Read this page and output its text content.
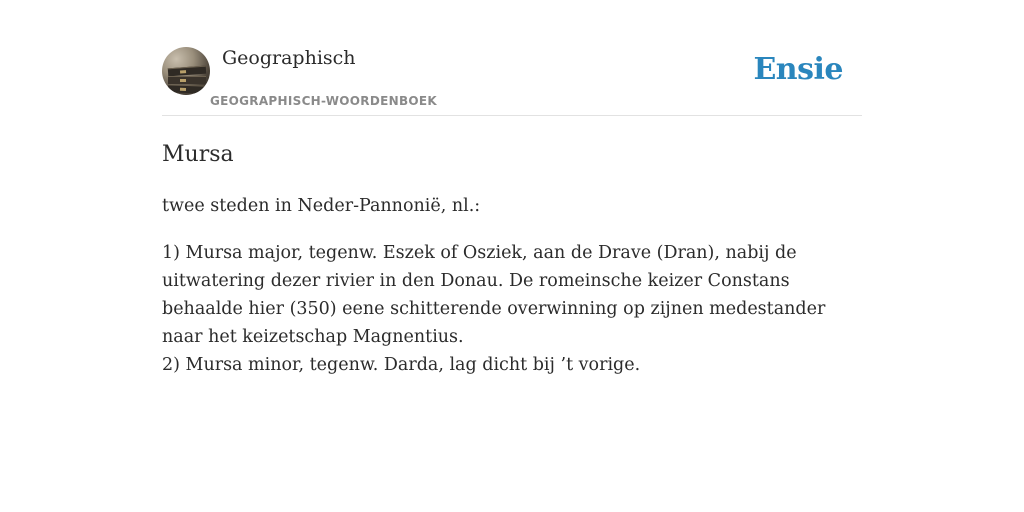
Geographisch
GEOGRAPHISCH-WOORDENBOEK
Ensie
Mursa

twee steden in Neder-Pannonië, nl.:

1) Mursa major, tegenw. Eszek of Osziek, aan de Drave (Dran), nabij de uitwatering dezer rivier in den Donau. De romeinsche keizer Constans behaalde hier (350) eene schitterende overwinning op zijnen medestander naar het keizetschap Magnentius.
2) Mursa minor, tegenw. Darda, lag dicht bij ’t vorige.
